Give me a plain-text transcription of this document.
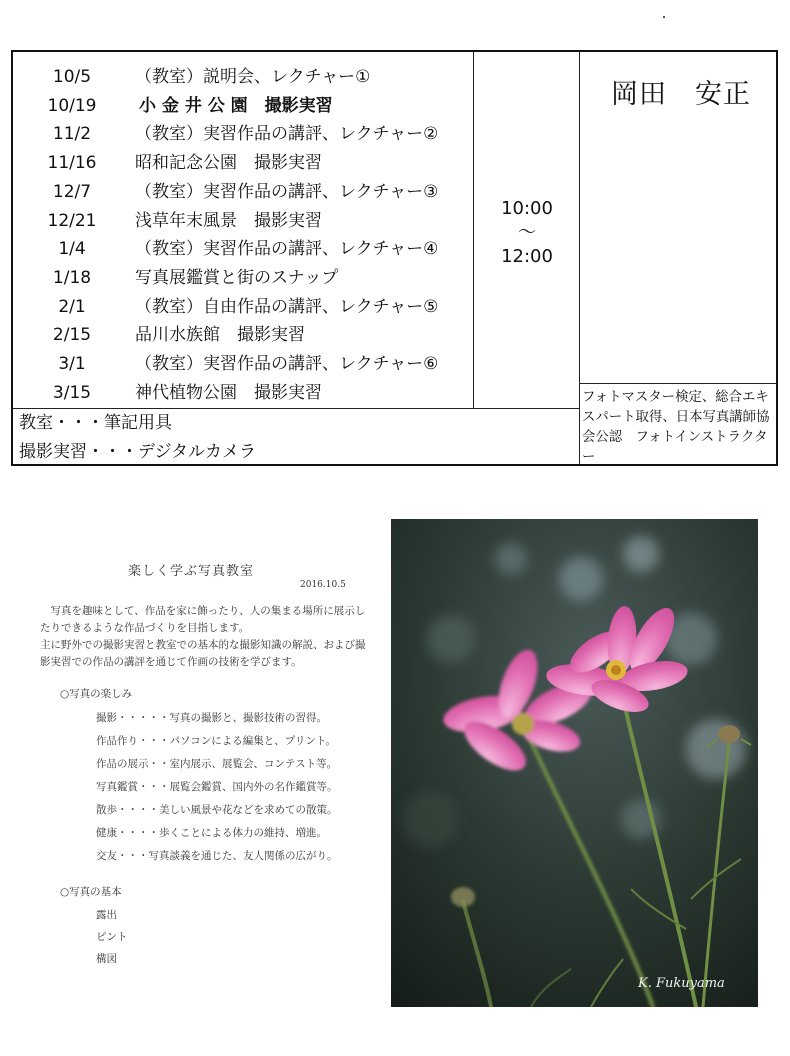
10/5	（教室）説明会、レクチャー①
10/19	小 金 井 公 園　撮影実習
11/2	（教室）実習作品の講評、レクチャー②
11/16	昭和記念公園　撮影実習
12/7	（教室）実習作品の講評、レクチャー③
12/21	浅草年末風景　撮影実習
1/4	（教室）実習作品の講評、レクチャー④
1/18	写真展鑑賞と街のスナップ
2/1	（教室）自由作品の講評、レクチャー⑤
2/15	品川水族館　撮影実習
3/1	（教室）実習作品の講評、レクチャー⑥
3/15	神代植物公園　撮影実習
10:00
～
12:00
岡田　安正
フォトマスター検定、総合エキスパート取得、日本写真講師協会公認　フォトインストラクター
教室・・・筆記用具
撮影実習・・・デジタルカメラ
楽しく学ぶ写真教室
2016.10.5
　写真を趣味として、作品を家に飾ったり、人の集まる場所に展示したりできるような作品づくりを目指します。
主に野外での撮影実習と教室での基本的な撮影知識の解説、および撮影実習での作品の講評を通じて作画の技術を学びます。
○写真の楽しみ
撮影・・・・・写真の撮影と、撮影技術の習得。
作品作り・・・パソコンによる編集と、プリント。
作品の展示・・室内展示、展覧会、コンテスト等。
写真鑑賞・・・展覧会鑑賞、国内外の名作鑑賞等。
散歩・・・・美しい風景や花などを求めての散策。
健康・・・・歩くことによる体力の維持、増進。
交友・・・写真談義を通じた、友人関係の広がり。
○写真の基本
露出
ピント
構図
K. Fukuyama
